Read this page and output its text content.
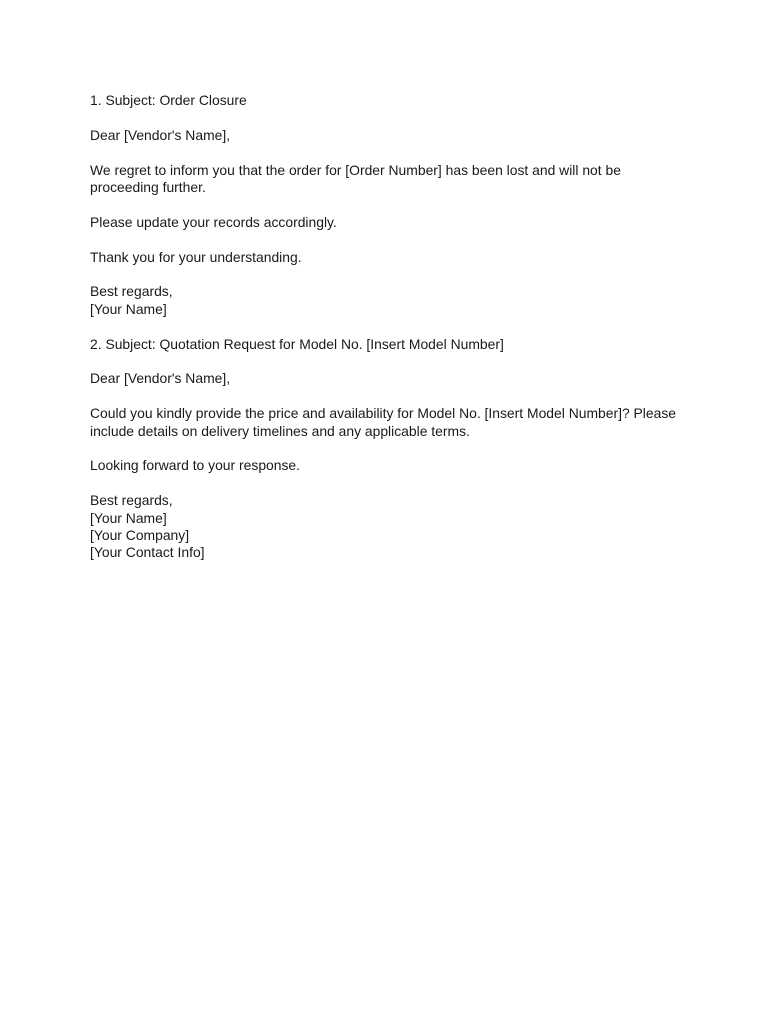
1. Subject: Order Closure

Dear [Vendor's Name],

We regret to inform you that the order for [Order Number] has been lost and will not be
proceeding further.

Please update your records accordingly.

Thank you for your understanding.

Best regards,
[Your Name]

2. Subject: Quotation Request for Model No. [Insert Model Number]

Dear [Vendor's Name],

Could you kindly provide the price and availability for Model No. [Insert Model Number]? Please
include details on delivery timelines and any applicable terms.

Looking forward to your response.

Best regards,
[Your Name]
[Your Company]
[Your Contact Info]
